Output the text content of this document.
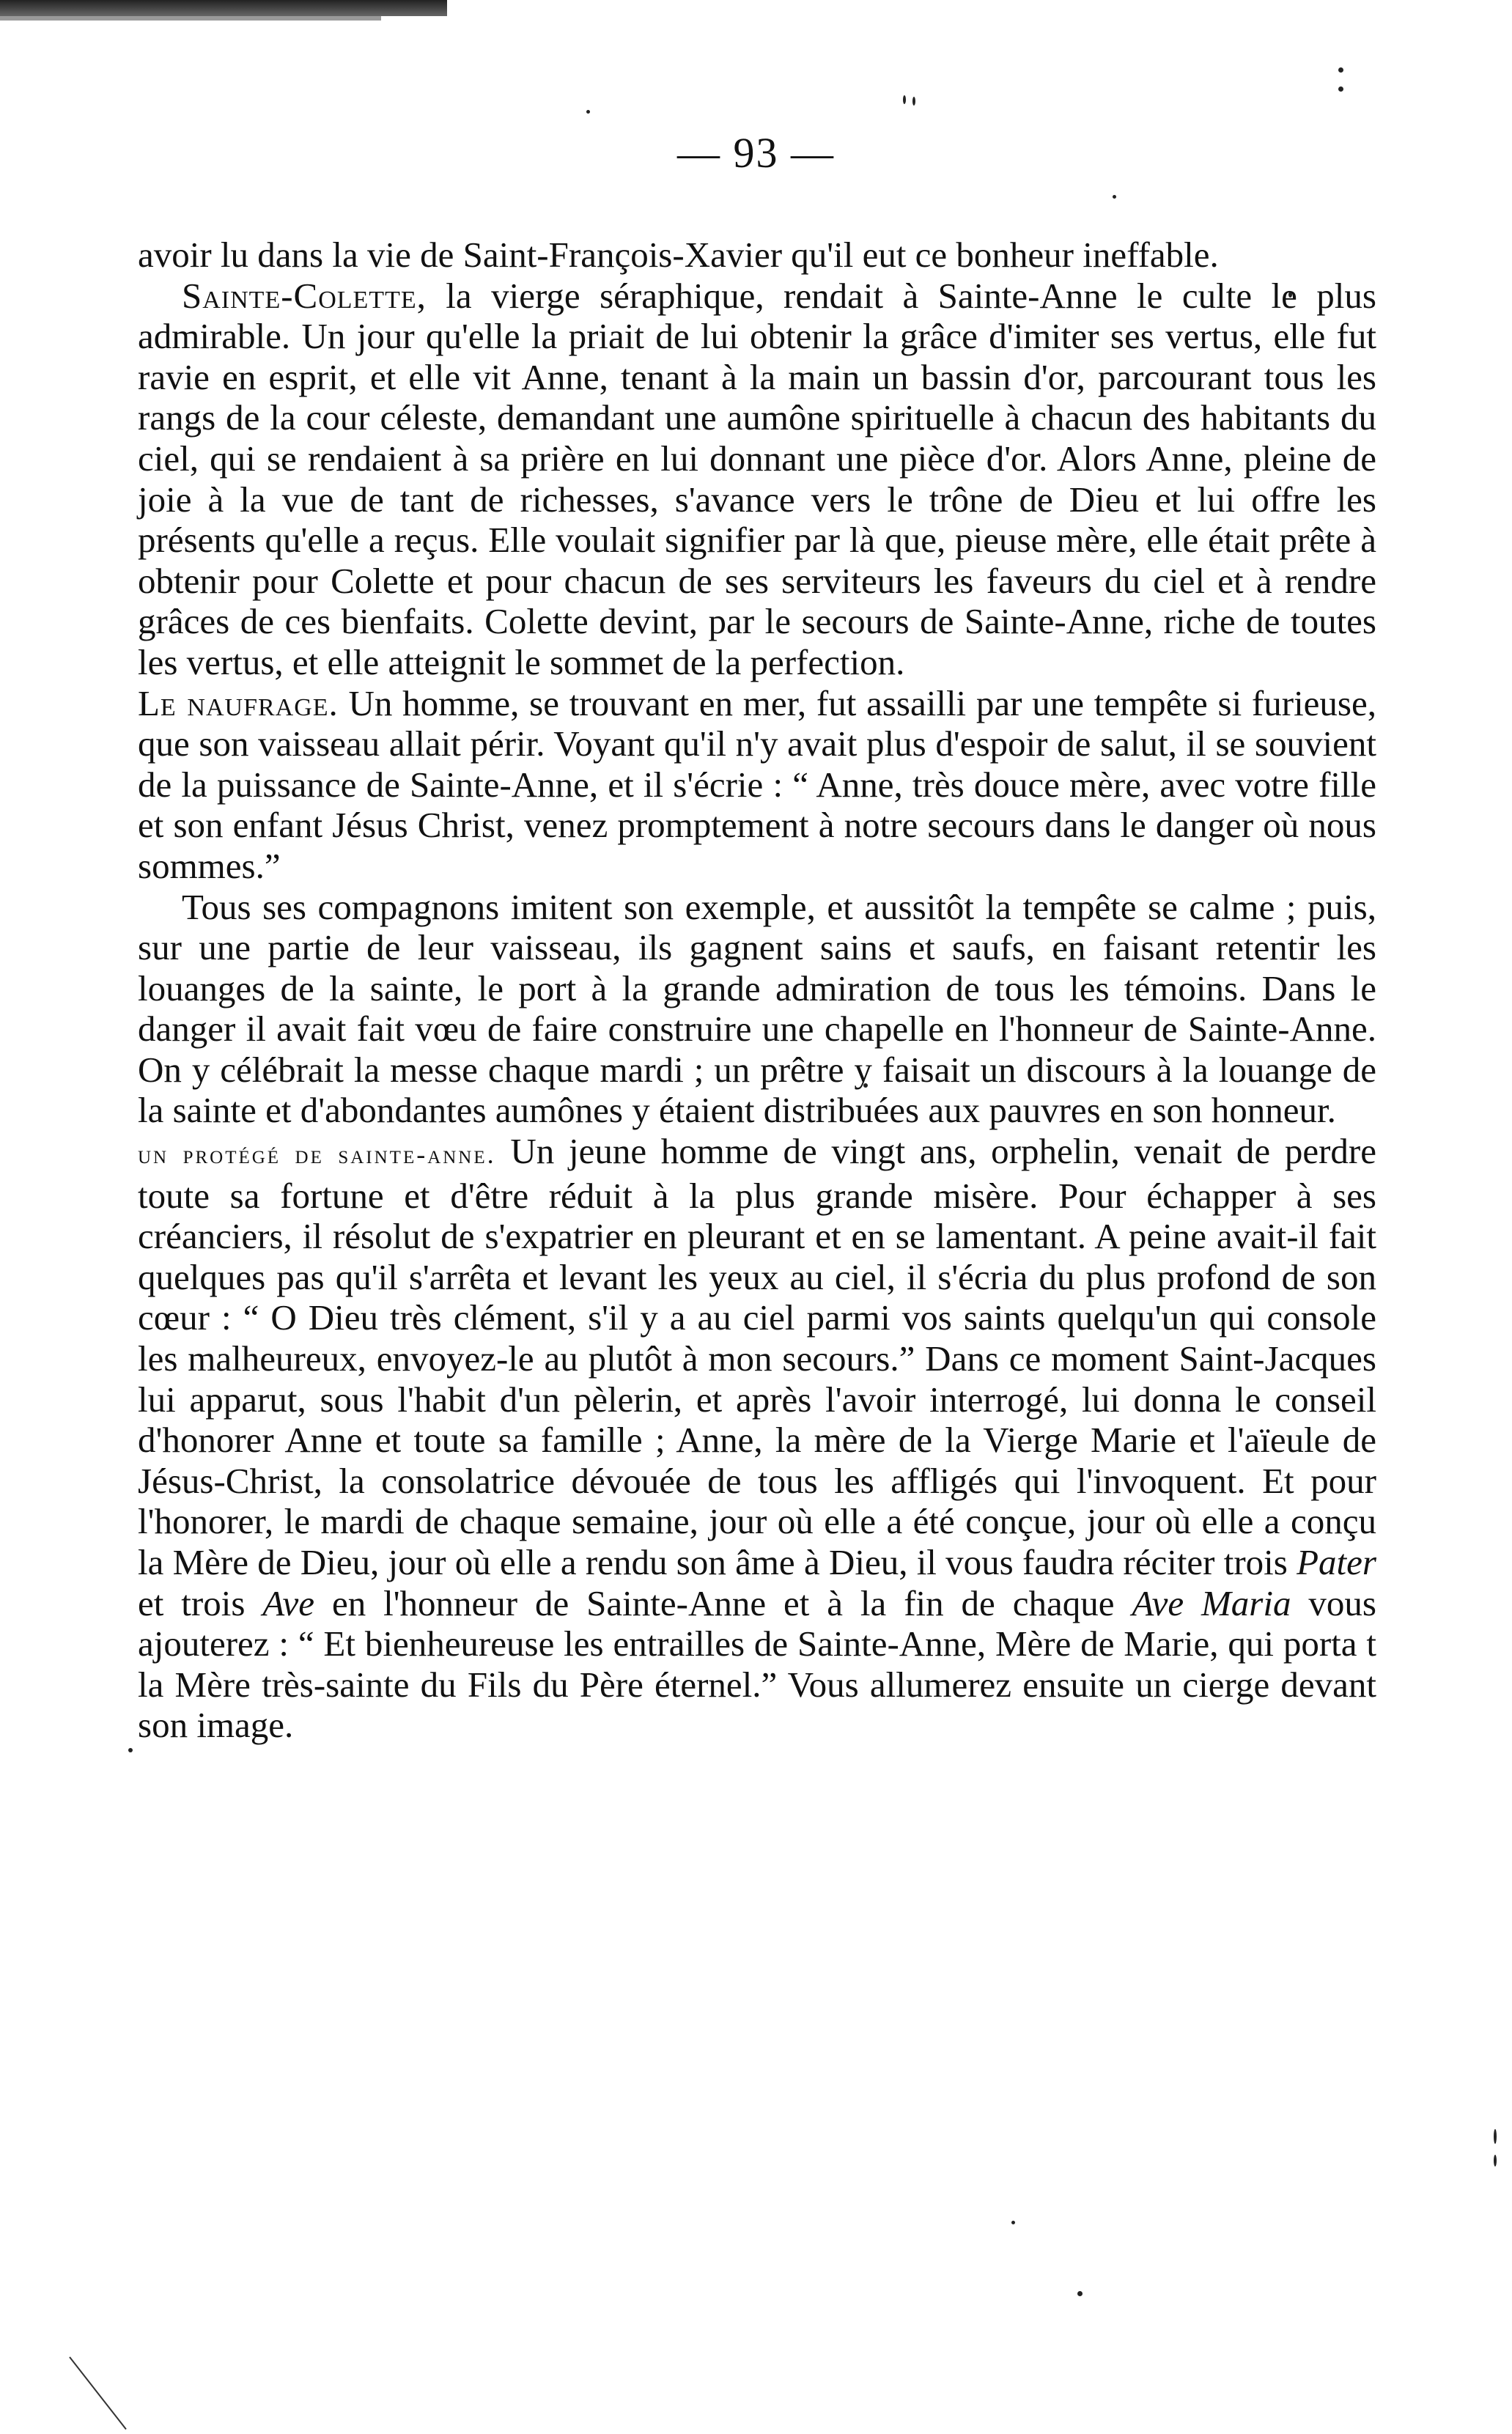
— 93 —

avoir lu dans la vie de Saint-François-Xavier qu'il eut ce bonheur ineffable.

Sainte-Colette, la vierge séraphique, rendait à Sainte-Anne le culte le plus admirable. Un jour qu'elle la priait de lui obtenir la grâce d'imiter ses vertus, elle fut ravie en esprit, et elle vit Anne, tenant à la main un bassin d'or, parcourant tous les rangs de la cour céleste, demandant une aumône spirituelle à chacun des habitants du ciel, qui se rendaient à sa prière en lui donnant une pièce d'or. Alors Anne, pleine de joie à la vue de tant de richesses, s'avance vers le trône de Dieu et lui offre les présents qu'elle a reçus. Elle voulait signifier par là que, pieuse mère, elle était prête à obtenir pour Colette et pour chacun de ses serviteurs les faveurs du ciel et à rendre grâces de ces bienfaits. Colette devint, par le secours de Sainte-Anne, riche de toutes les vertus, et elle atteignit le sommet de la perfection.

Le naufrage. Un homme, se trouvant en mer, fut assailli par une tempête si furieuse, que son vaisseau allait périr. Voyant qu'il n'y avait plus d'espoir de salut, il se souvient de la puissance de Sainte-Anne, et il s'écrie : “ Anne, très douce mère, avec votre fille et son enfant Jésus Christ, venez promptement à notre secours dans le danger où nous sommes.”

Tous ses compagnons imitent son exemple, et aussitôt la tempête se calme ; puis, sur une partie de leur vaisseau, ils gagnent sains et saufs, en faisant retentir les louanges de la sainte, le port à la grande admiration de tous les témoins. Dans le danger il avait fait vœu de faire construire une chapelle en l'honneur de Sainte-Anne. On y célébrait la messe chaque mardi ; un prêtre y faisait un discours à la louange de la sainte et d'abondantes aumônes y étaient distribuées aux pauvres en son honneur.

un protégé de sainte-anne. Un jeune homme de vingt ans, orphelin, venait de perdre toute sa fortune et d'être réduit à la plus grande misère. Pour échapper à ses créanciers, il résolut de s'expatrier en pleurant et en se lamentant. A peine avait-il fait quelques pas qu'il s'arrêta et levant les yeux au ciel, il s'écria du plus profond de son cœur : “ O Dieu très clément, s'il y a au ciel parmi vos saints quelqu'un qui console les malheureux, envoyez-le au plutôt à mon secours.” Dans ce moment Saint-Jacques lui apparut, sous l'habit d'un pèlerin, et après l'avoir interrogé, lui donna le conseil d'honorer Anne et toute sa famille ; Anne, la mère de la Vierge Marie et l'aïeule de Jésus-Christ, la consolatrice dévouée de tous les affligés qui l'invoquent. Et pour l'honorer, le mardi de chaque semaine, jour où elle a été conçue, jour où elle a conçu la Mère de Dieu, jour où elle a rendu son âme à Dieu, il vous faudra réciter trois Pater et trois Ave en l'honneur de Sainte-Anne et à la fin de chaque Ave Maria vous ajouterez : “ Et bienheureuse les entrailles de Sainte-Anne, Mère de Marie, qui porta t la Mère très-sainte du Fils du Père éternel.” Vous allumerez ensuite un cierge devant son image.
